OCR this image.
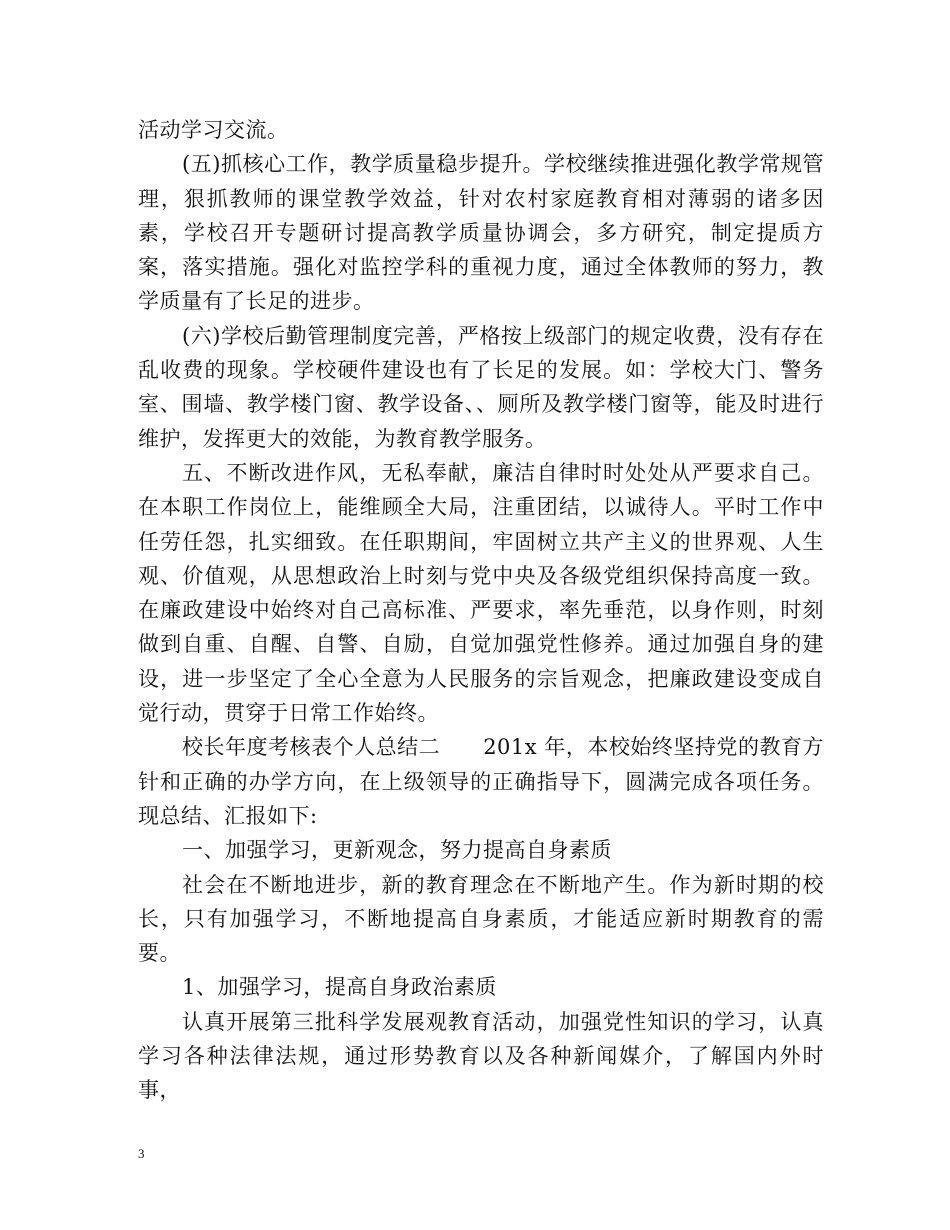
活动学习交流。

(五)抓核心工作，教学质量稳步提升。学校继续推进强化教学常规管理，狠抓教师的课堂教学效益，针对农村家庭教育相对薄弱的诸多因素，学校召开专题研讨提高教学质量协调会，多方研究，制定提质方案，落实措施。强化对监控学科的重视力度，通过全体教师的努力，教学质量有了长足的进步。

(六)学校后勤管理制度完善，严格按上级部门的规定收费，没有存在乱收费的现象。学校硬件建设也有了长足的发展。如：学校大门、警务室、围墙、教学楼门窗、教学设备、、厕所及教学楼门窗等，能及时进行维护，发挥更大的效能，为教育教学服务。

五、不断改进作风，无私奉献，廉洁自律时时处处从严要求自己。在本职工作岗位上，能维顾全大局，注重团结，以诚待人。平时工作中任劳任怨，扎实细致。在任职期间，牢固树立共产主义的世界观、人生观、价值观，从思想政治上时刻与党中央及各级党组织保持高度一致。在廉政建设中始终对自己高标准、严要求，率先垂范，以身作则，时刻做到自重、自醒、自警、自励，自觉加强党性修养。通过加强自身的建设，进一步坚定了全心全意为人民服务的宗旨观念，把廉政建设变成自觉行动，贯穿于日常工作始终。

校长年度考核表个人总结二　　201x 年，本校始终坚持党的教育方针和正确的办学方向，在上级领导的正确指导下，圆满完成各项任务。现总结、汇报如下:

一、加强学习，更新观念，努力提高自身素质

社会在不断地进步，新的教育理念在不断地产生。作为新时期的校长，只有加强学习，不断地提高自身素质，才能适应新时期教育的需要。

1、加强学习，提高自身政治素质

认真开展第三批科学发展观教育活动，加强党性知识的学习，认真学习各种法律法规，通过形势教育以及各种新闻媒介，了解国内外时事，

3
